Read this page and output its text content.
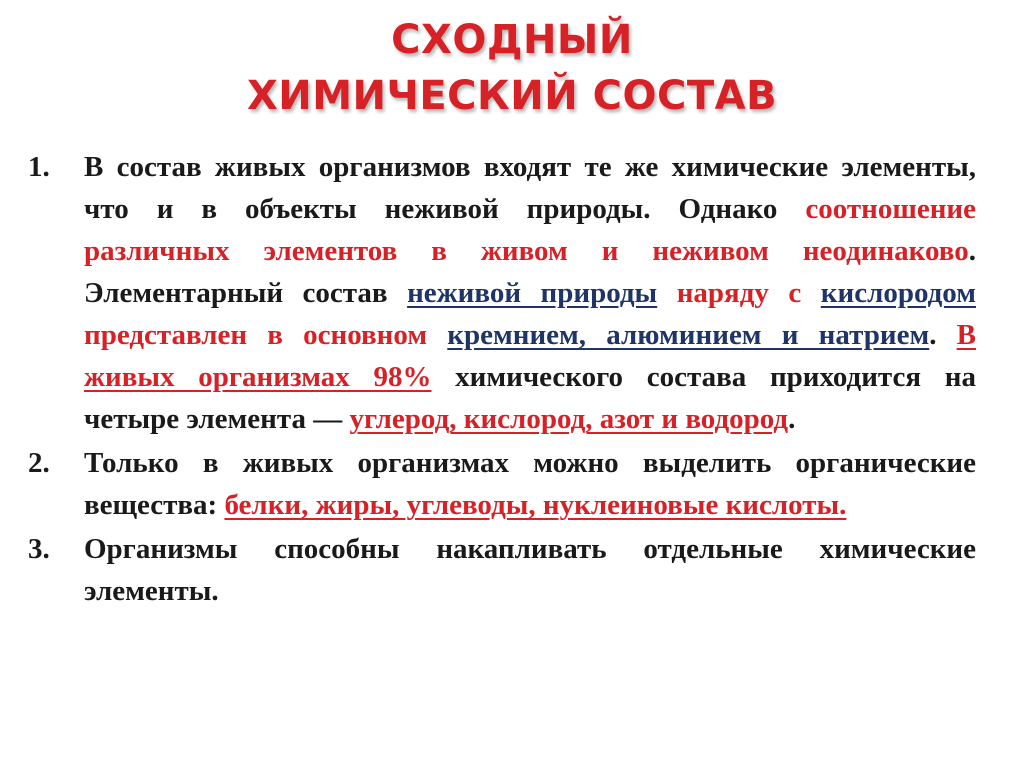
СХОДНЫЙ
ХИМИЧЕСКИЙ СОСТАВ
1. В состав живых организмов входят те же химические элементы, что и в объекты неживой природы. Однако соотношение различных элементов в живом и неживом неодинаково. Элементарный состав неживой природы наряду с кислородом представлен в основном кремнием, алюминием и натрием. В живых организмах 98% химического состава приходится на четыре элемента — углерод, кислород, азот и водород.
2. Только в живых организмах можно выделить органические вещества: белки, жиры, углеводы, нуклеиновые кислоты.
3. Организмы способны накапливать отдельные химические элементы.
